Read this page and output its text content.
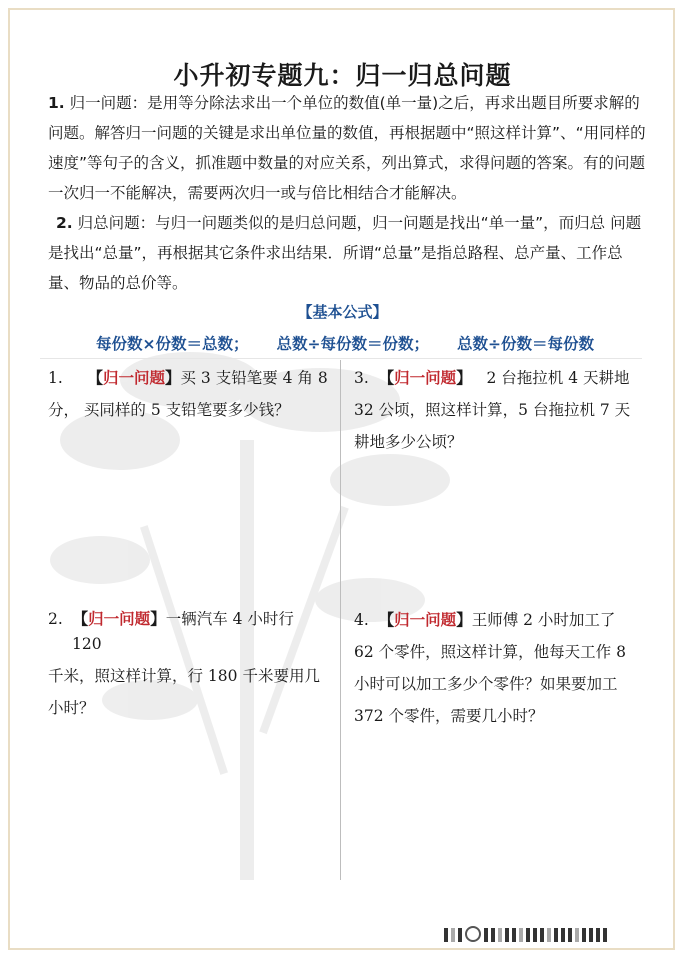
小升初专题九：归一归总问题
1. 归一问题：是用等分除法求出一个单位的数值(单一量)之后，再求出题目所要求解的问题。解答归一问题的关键是求出单位量的数值，再根据题中“照这样计算”、“用同样的速度”等句子的含义，抓准题中数量的对应关系，列出算式，求得问题的答案。有的问题一次归一不能解决，需要两次归一或与倍比相结合才能解决。
2. 归总问题：与归一问题类似的是归总问题，归一问题是找出“单一量”，而归总 问题是找出“总量”，再根据其它条件求出结果．所谓“总量”是指总路程、总产量、工作总量、物品的总价等。
【基本公式】
每份数×份数＝总数； 总数÷每份数＝份数； 总数÷份数＝每份数
1. 【归一问题】买 3 支铅笔要 4 角 8
分， 买同样的 5 支铅笔要多少钱？
3. 【归一问题】 2 台拖拉机 4 天耕地
32 公顷，照这样计算，5 台拖拉机 7 天
耕地多少公顷？
2. 【归一问题】一辆汽车 4 小时行
120
千米，照这样计算，行 180 千米要用几
小时？
4. 【归一问题】王师傅 2 小时加工了
62 个零件，照这样计算，他每天工作 8
小时可以加工多少个零件？如果要加工
372 个零件，需要几小时？
